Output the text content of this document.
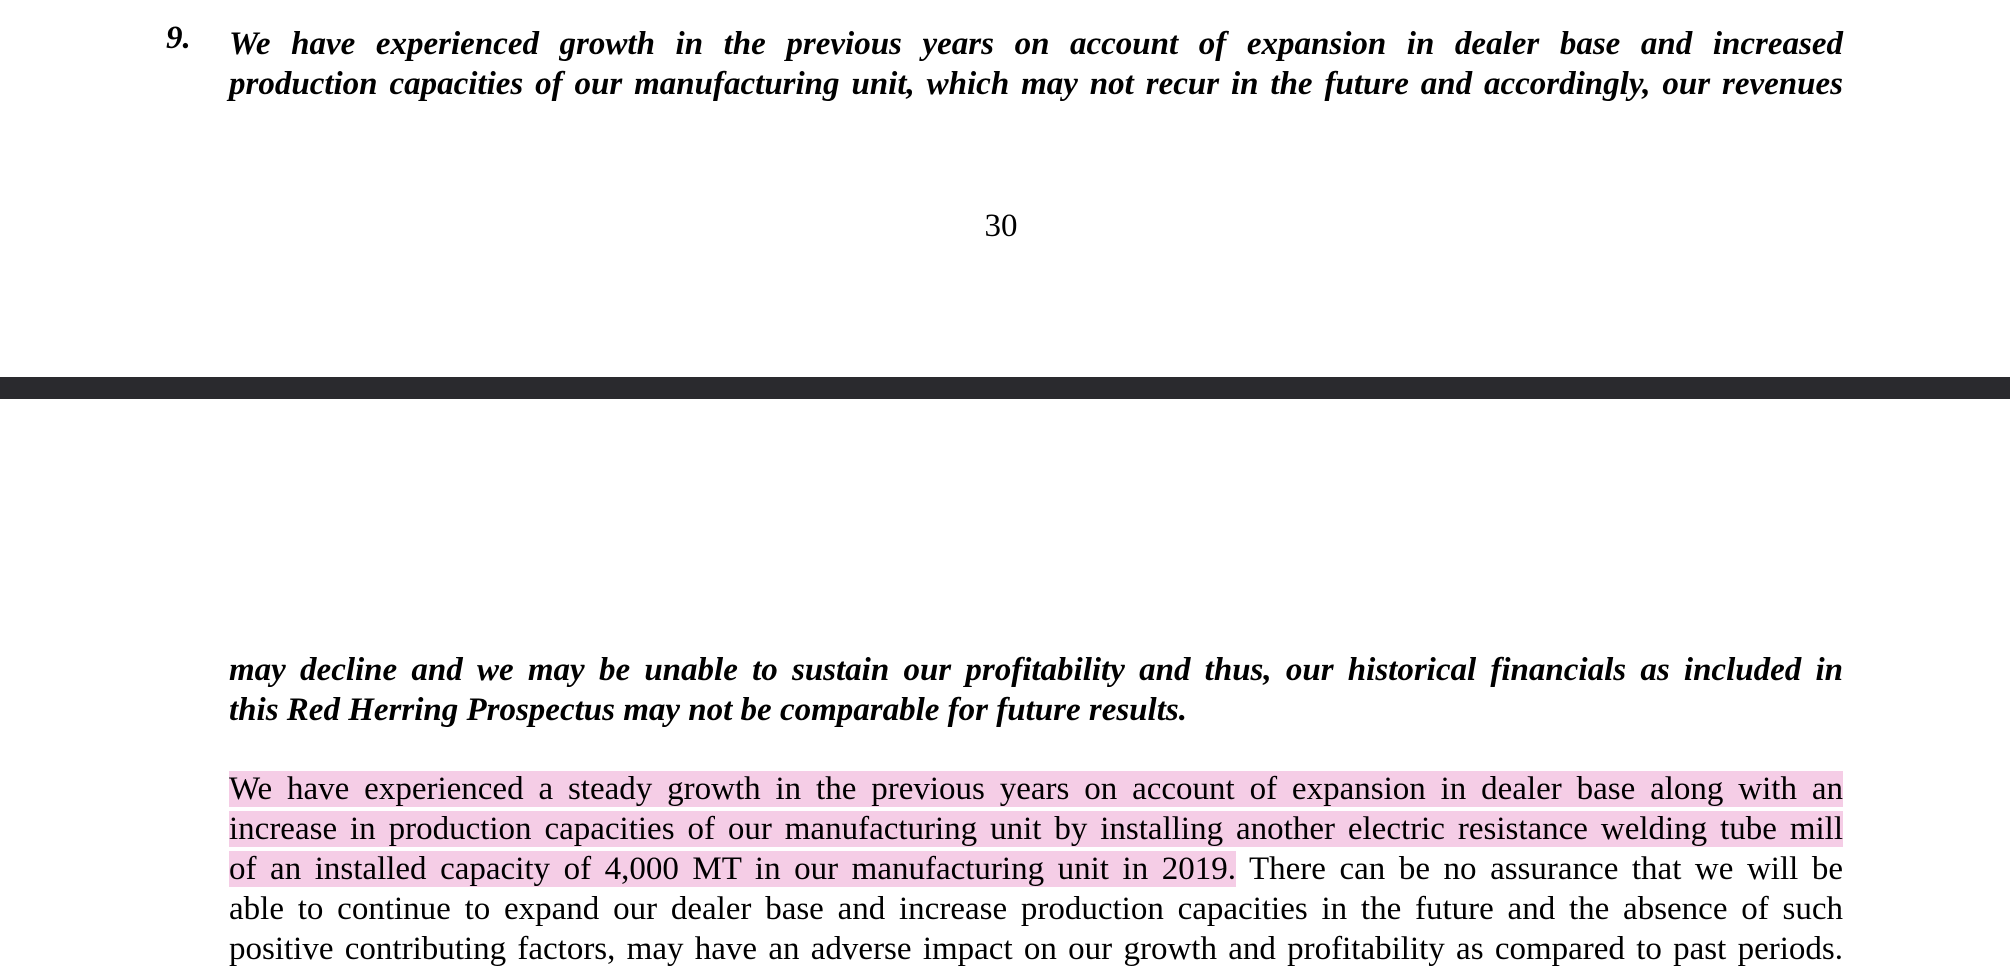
9. We have experienced growth in the previous years on account of expansion in dealer base and increased
production capacities of our manufacturing unit, which may not recur in the future and accordingly, our revenues
30
may decline and we may be unable to sustain our profitability and thus, our historical financials as included in
this Red Herring Prospectus may not be comparable for future results.
We have experienced a steady growth in the previous years on account of expansion in dealer base along with an
increase in production capacities of our manufacturing unit by installing another electric resistance welding tube mill
of an installed capacity of 4,000 MT in our manufacturing unit in 2019. There can be no assurance that we will be
able to continue to expand our dealer base and increase production capacities in the future and the absence of such
positive contributing factors, may have an adverse impact on our growth and profitability as compared to past periods.
